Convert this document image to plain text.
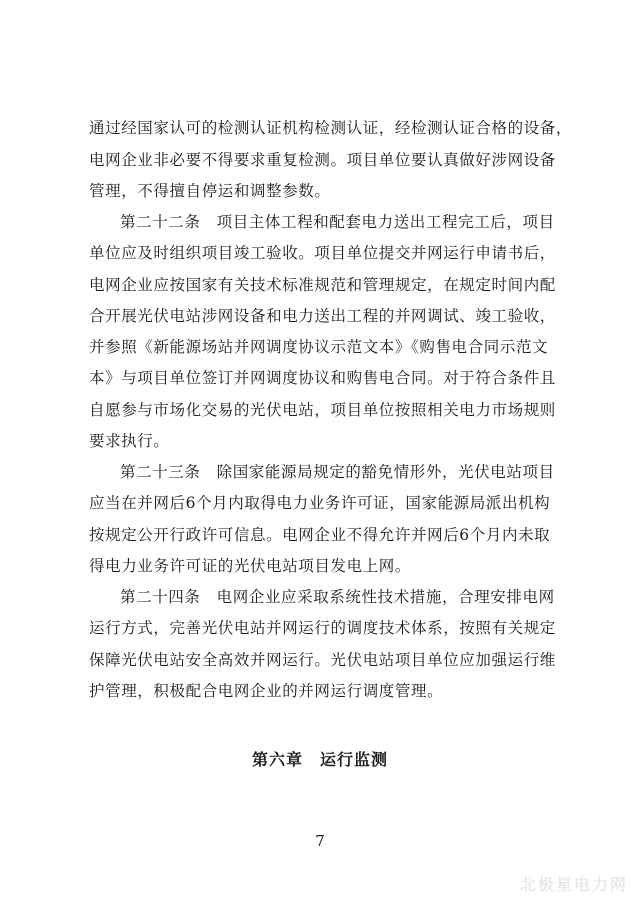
通过经国家认可的检测认证机构检测认证，经检测认证合格的设备，
电网企业非必要不得要求重复检测。项目单位要认真做好涉网设备
管理，不得擅自停运和调整参数。
第二十二条　项目主体工程和配套电力送出工程完工后，项目
单位应及时组织项目竣工验收。项目单位提交并网运行申请书后，
电网企业应按国家有关技术标准规范和管理规定，在规定时间内配
合开展光伏电站涉网设备和电力送出工程的并网调试、竣工验收，
并参照《新能源场站并网调度协议示范文本》《购售电合同示范文
本》与项目单位签订并网调度协议和购售电合同。对于符合条件且
自愿参与市场化交易的光伏电站，项目单位按照相关电力市场规则
要求执行。
第二十三条　除国家能源局规定的豁免情形外，光伏电站项目
应当在并网后6个月内取得电力业务许可证，国家能源局派出机构
按规定公开行政许可信息。电网企业不得允许并网后6个月内未取
得电力业务许可证的光伏电站项目发电上网。
第二十四条　电网企业应采取系统性技术措施，合理安排电网
运行方式，完善光伏电站并网运行的调度技术体系，按照有关规定
保障光伏电站安全高效并网运行。光伏电站项目单位应加强运行维
护管理，积极配合电网企业的并网运行调度管理。
第六章　运行监测
7
· · · · · · · · · · · · · ·
北极星电力网
